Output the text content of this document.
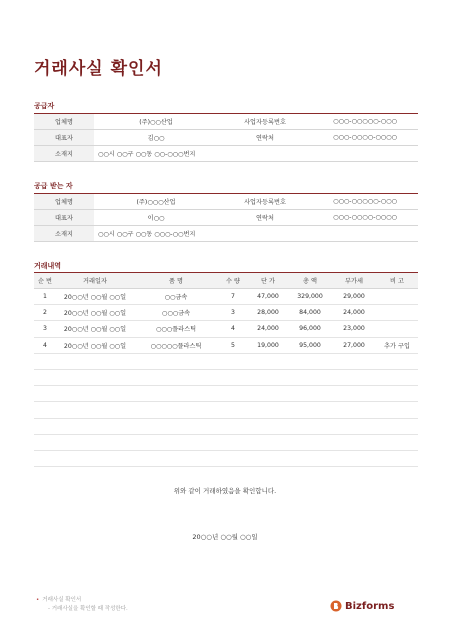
거래사실 확인서
공급자
업체명	(주)○○산업	사업자등록번호	○○○-○○○○○-○○○
대표자	김○○	연락처	○○○-○○○○-○○○○
소재지	○○시 ○○구 ○○동 ○○-○○○번지		
공급 받는 자
업체명	(주)○○○산업	사업자등록번호	○○○-○○○○○-○○○
대표자	이○○	연락처	○○○-○○○○-○○○○
소재지	○○시 ○○구 ○○동 ○○○-○○번지		
거래내역
순 번	거래일자	품 명	수 량	단 가	총 액	부가세	비 고
1	20○○년 ○○월 ○○일	○○금속	7	47,000	329,000	29,000	
2	20○○년 ○○월 ○○일	○○○금속	3	28,000	84,000	24,000	
3	20○○년 ○○월 ○○일	○○○플라스틱	4	24,000	96,000	23,000	
4	20○○년 ○○월 ○○일	○○○○○플라스틱	5	19,000	95,000	27,000	추가 구입

위와 같이 거래하였음을 확인합니다.
20○○년 ○○월 ○○일
• 거래사실 확인서
- 거래사실을 확인할 때 작성한다.	Bizforms
